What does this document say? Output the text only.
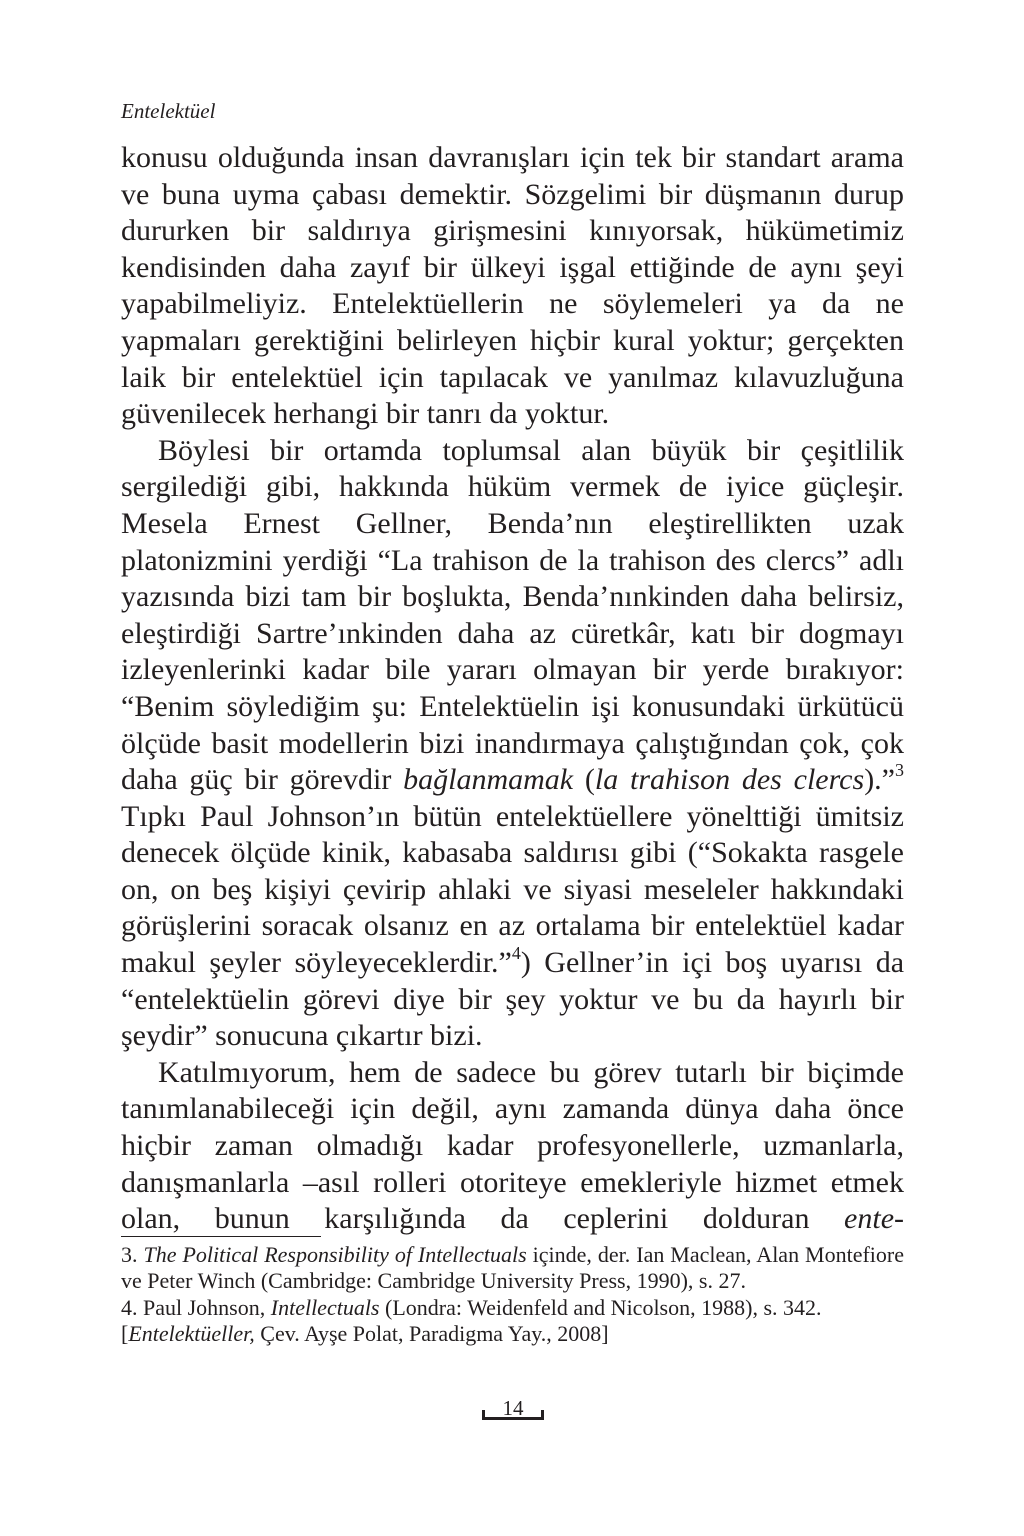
Entelektüel

konusu olduğunda insan davranışları için tek bir standart arama ve buna uyma çabası demektir. Sözgelimi bir düşmanın durup dururken bir saldırıya girişmesini kınıyorsak, hükümetimiz kendisinden daha zayıf bir ülkeyi işgal ettiğinde de aynı şeyi yapabilmeliyiz. Entelektüellerin ne söylemeleri ya da ne yapmaları gerektiğini belirleyen hiçbir kural yoktur; gerçekten laik bir entelektüel için tapılacak ve yanılmaz kılavuzluğuna güvenilecek herhangi bir tanrı da yoktur.

Böylesi bir ortamda toplumsal alan büyük bir çeşitlilik sergilediği gibi, hakkında hüküm vermek de iyice güçleşir. Mesela Ernest Gellner, Benda’nın eleştirellikten uzak platonizmini yerdiği “La trahison de la trahison des clercs” adlı yazısında bizi tam bir boşlukta, Benda’nınkinden daha belirsiz, eleştirdiği Sartre’ınkinden daha az cüretkâr, katı bir dogmayı izleyenlerinki kadar bile yararı olmayan bir yerde bırakıyor: “Benim söylediğim şu: Entelektüelin işi konusundaki ürkütücü ölçüde basit modellerin bizi inandırmaya çalıştığından çok, çok daha güç bir görevdir bağlanmamak (la trahison des clercs).”$^3$ Tıpkı Paul Johnson’ın bütün entelektüellere yönelttiği ümitsiz denecek ölçüde kinik, kabasaba saldırısı gibi (“Sokakta rasgele on, on beş kişiyi çevirip ahlaki ve siyasi meseleler hakkındaki görüşlerini soracak olsanız en az ortalama bir entelektüel kadar makul şeyler söyleyeceklerdir.”$^4$) Gellner’in içi boş uyarısı da “entelektüelin görevi diye bir şey yoktur ve bu da hayırlı bir şeydir” sonucuna çıkartır bizi.

Katılmıyorum, hem de sadece bu görev tutarlı bir biçimde tanımlanabileceği için değil, aynı zamanda dünya daha önce hiçbir zaman olmadığı kadar profesyonellerle, uzmanlarla, danışmanlarla –asıl rolleri otoriteye emekleriyle hizmet etmek olan, bunun karşılığında da ceplerini dolduran ente-

3. The Political Responsibility of Intellectuals içinde, der. Ian Maclean, Alan Montefiore ve Peter Winch (Cambridge: Cambridge University Press, 1990), s. 27.

4. Paul Johnson, Intellectuals (Londra: Weidenfeld and Nicolson, 1988), s. 342.
[Entelektüeller, Çev. Ayşe Polat, Paradigma Yay., 2008]

14
